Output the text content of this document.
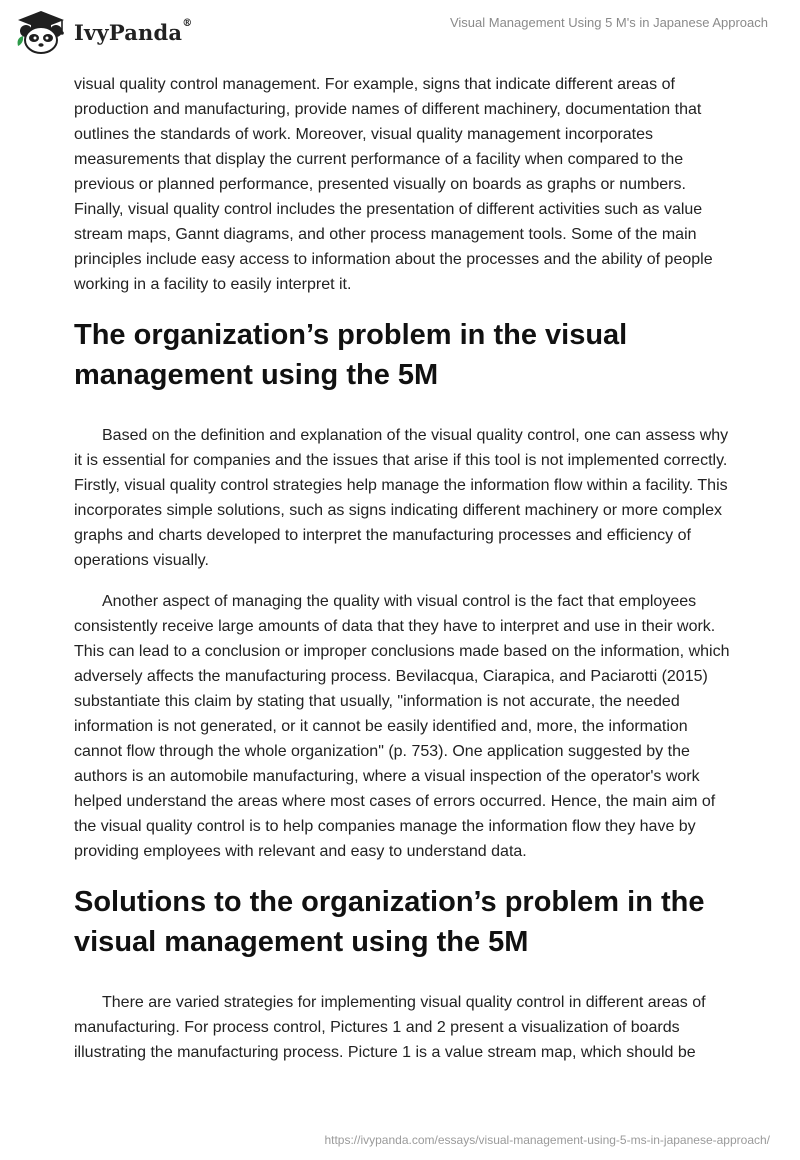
IvyPanda®	Visual Management Using 5 M's in Japanese Approach

visual quality control management. For example, signs that indicate different areas of production and manufacturing, provide names of different machinery, documentation that outlines the standards of work. Moreover, visual quality management incorporates measurements that display the current performance of a facility when compared to the previous or planned performance, presented visually on boards as graphs or numbers. Finally, visual quality control includes the presentation of different activities such as value stream maps, Gannt diagrams, and other process management tools. Some of the main principles include easy access to information about the processes and the ability of people working in a facility to easily interpret it.

The organization’s problem in the visual management using the 5M

Based on the definition and explanation of the visual quality control, one can assess why it is essential for companies and the issues that arise if this tool is not implemented correctly. Firstly, visual quality control strategies help manage the information flow within a facility. This incorporates simple solutions, such as signs indicating different machinery or more complex graphs and charts developed to interpret the manufacturing processes and efficiency of operations visually.

Another aspect of managing the quality with visual control is the fact that employees consistently receive large amounts of data that they have to interpret and use in their work. This can lead to a conclusion or improper conclusions made based on the information, which adversely affects the manufacturing process. Bevilacqua, Ciarapica, and Paciarotti (2015) substantiate this claim by stating that usually, "information is not accurate, the needed information is not generated, or it cannot be easily identified and, more, the information cannot flow through the whole organization" (p. 753). One application suggested by the authors is an automobile manufacturing, where a visual inspection of the operator's work helped understand the areas where most cases of errors occurred. Hence, the main aim of the visual quality control is to help companies manage the information flow they have by providing employees with relevant and easy to understand data.

Solutions to the organization’s problem in the visual management using the 5M

There are varied strategies for implementing visual quality control in different areas of manufacturing. For process control, Pictures 1 and 2 present a visualization of boards illustrating the manufacturing process. Picture 1 is a value stream map, which should be

https://ivypanda.com/essays/visual-management-using-5-ms-in-japanese-approach/
